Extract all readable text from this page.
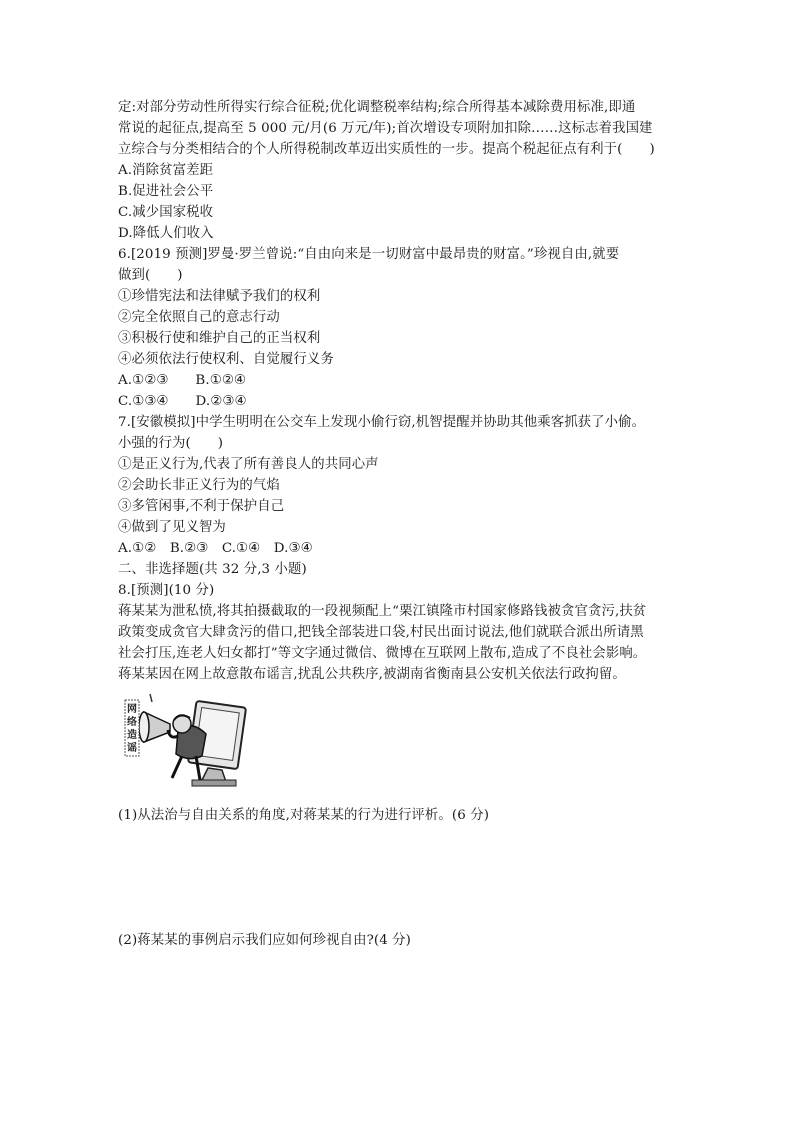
定:对部分劳动性所得实行综合征税;优化调整税率结构;综合所得基本减除费用标准,即通
常说的起征点,提高至 5 000 元/月(6 万元/年);首次增设专项附加扣除……这标志着我国建
立综合与分类相结合的个人所得税制改革迈出实质性的一步。提高个税起征点有利于(　　)
A.消除贫富差距
B.促进社会公平
C.减少国家税收
D.降低人们收入
6.[2019 预测]罗曼·罗兰曾说:“自由向来是一切财富中最昂贵的财富。”珍视自由,就要
做到(　　)
①珍惜宪法和法律赋予我们的权利
②完全依照自己的意志行动
③积极行使和维护自己的正当权利
④必须依法行使权利、自觉履行义务
A.①②③　　B.①②④
C.①③④　　D.②③④
7.[安徽模拟]中学生明明在公交车上发现小偷行窃,机智提醒并协助其他乘客抓获了小偷。
小强的行为(　　)
①是正义行为,代表了所有善良人的共同心声
②会助长非正义行为的气焰
③多管闲事,不利于保护自己
④做到了见义智为
A.①②　B.②③　C.①④　D.③④
二、非选择题(共 32 分,3 小题)
8.[预测](10 分)
蒋某某为泄私愤,将其拍摄截取的一段视频配上“栗江镇隆市村国家修路钱被贪官贪污,扶贫
政策变成贪官大肆贪污的借口,把钱全部装进口袋,村民出面讨说法,他们就联合派出所请黑
社会打压,连老人妇女都打”等文字通过微信、微博在互联网上散布,造成了不良社会影响。
蒋某某因在网上故意散布谣言,扰乱公共秩序,被湖南省衡南县公安机关依法行政拘留。
网
络
造
谣
(1)从法治与自由关系的角度,对蒋某某的行为进行评析。(6 分)
(2)蒋某某的事例启示我们应如何珍视自由?(4 分)
